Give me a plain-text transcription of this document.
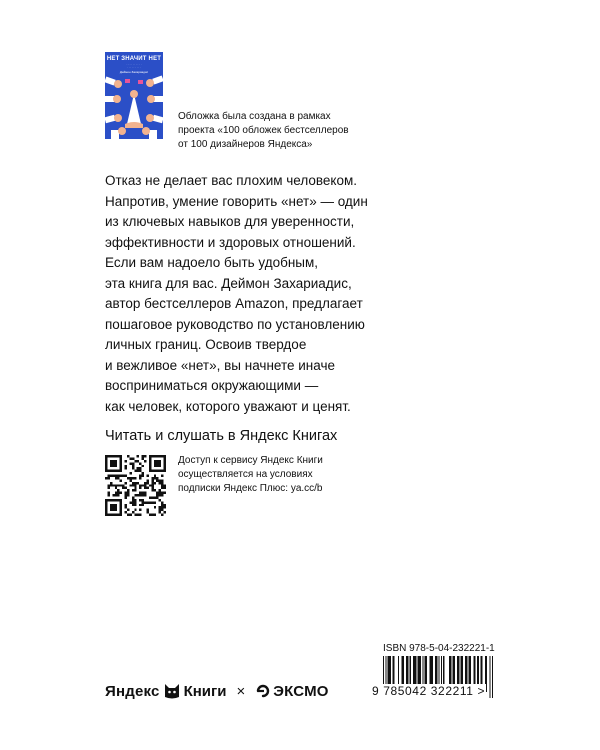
НЕТ ЗНАЧИТ НЕТ
· · · · · · · · · ·
· · · · · · · · ·
Деймон Захариадис
Обложка была создана в рамках
проекта «100 обложек бестселлеров
от 100 дизайнеров Яндекса»

Отказ не делает вас плохим человеком.
Напротив, умение говорить «нет» — один
из ключевых навыков для уверенности,
эффективности и здоровых отношений.
Если вам надоело быть удобным,
эта книга для вас. Деймон Захариадис,
автор бестселлеров Amazon, предлагает
пошаговое руководство по установлению
личных границ. Освоив твердое
и вежливое «нет», вы начнете иначе
восприниматься окружающими —
как человек, которого уважают и ценят.

Читать и слушать в Яндекс Книгах
Доступ к сервису Яндекс Книги
осуществляется на условиях
подписки Яндекс Плюс: ya.cc/b
ISBN 978-5-04-232221-1
9 785042 322211 >
Яндекс Книги × ЭКСМО
